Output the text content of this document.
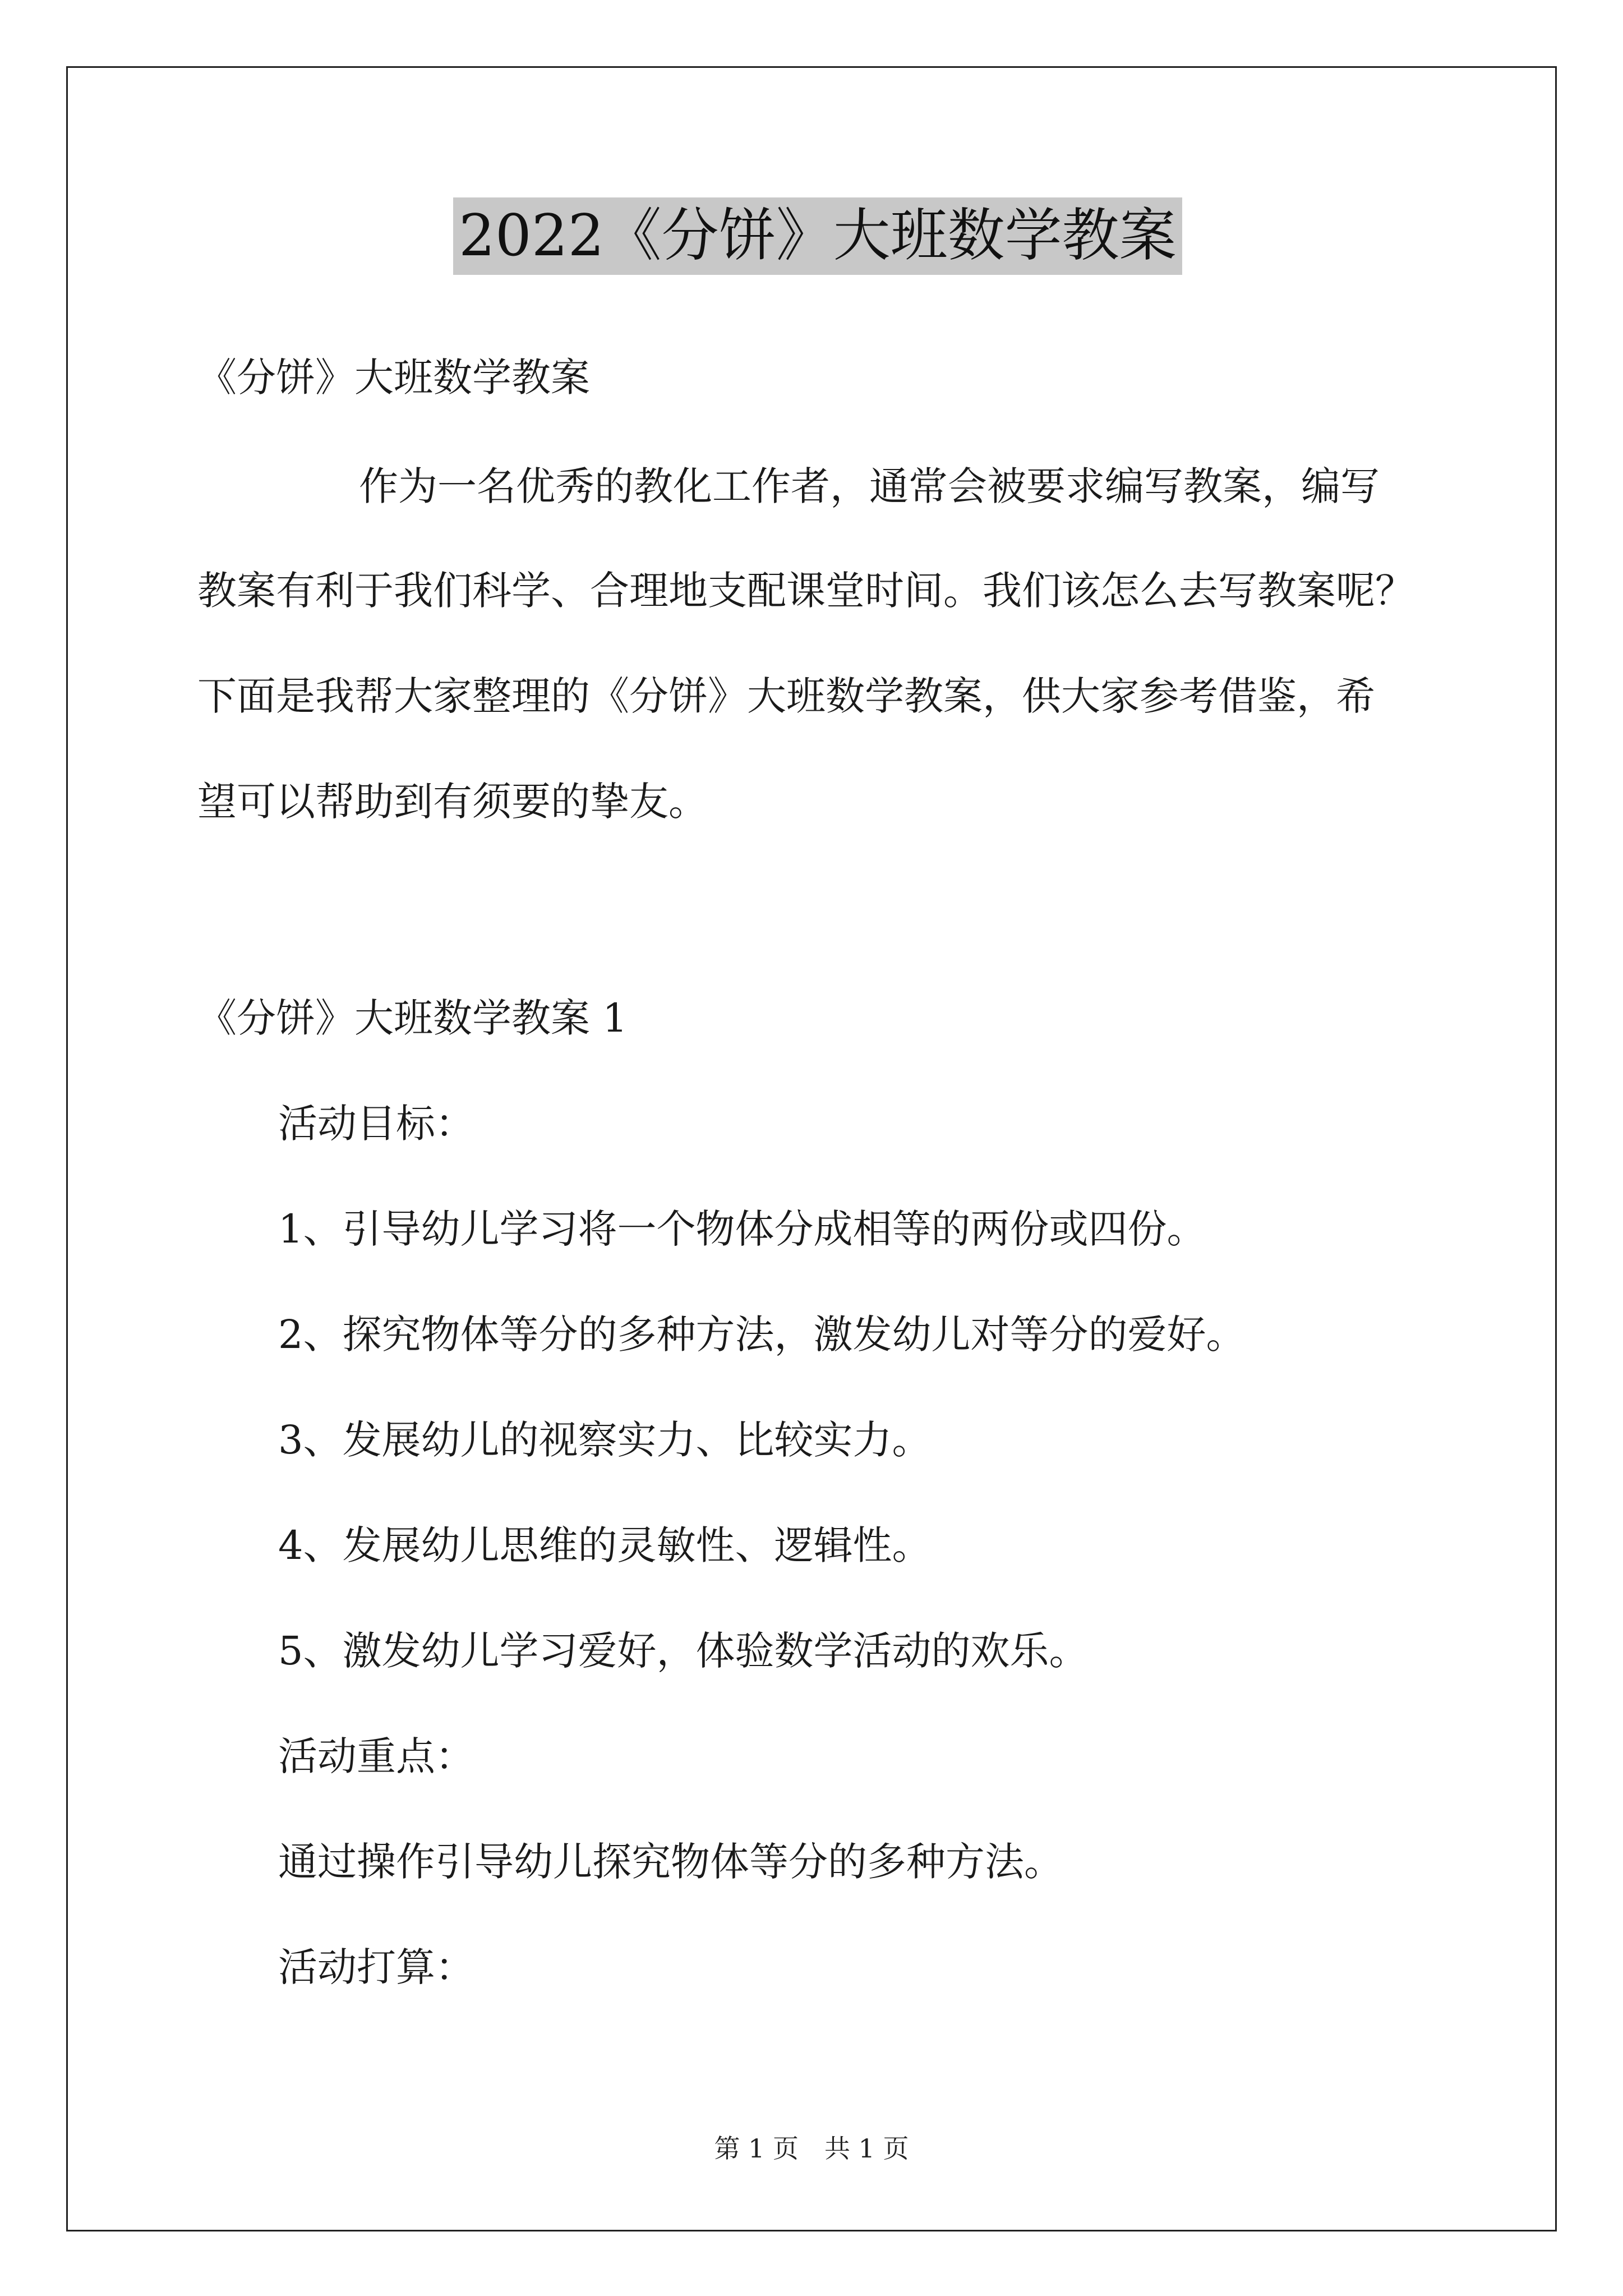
2022《分饼》大班数学教案
《分饼》大班数学教案
作为一名优秀的教化工作者，通常会被要求编写教案，编写
教案有利于我们科学、合理地支配课堂时间。我们该怎么去写教案呢？
下面是我帮大家整理的《分饼》大班数学教案，供大家参考借鉴，希
望可以帮助到有须要的挚友。
《分饼》大班数学教案 1
活动目标：
1、引导幼儿学习将一个物体分成相等的两份或四份。
2、探究物体等分的多种方法，激发幼儿对等分的爱好。
3、发展幼儿的视察实力、比较实力。
4、发展幼儿思维的灵敏性、逻辑性。
5、激发幼儿学习爱好，体验数学活动的欢乐。
活动重点：
通过操作引导幼儿探究物体等分的多种方法。
活动打算：
第 1 页　共 1 页
